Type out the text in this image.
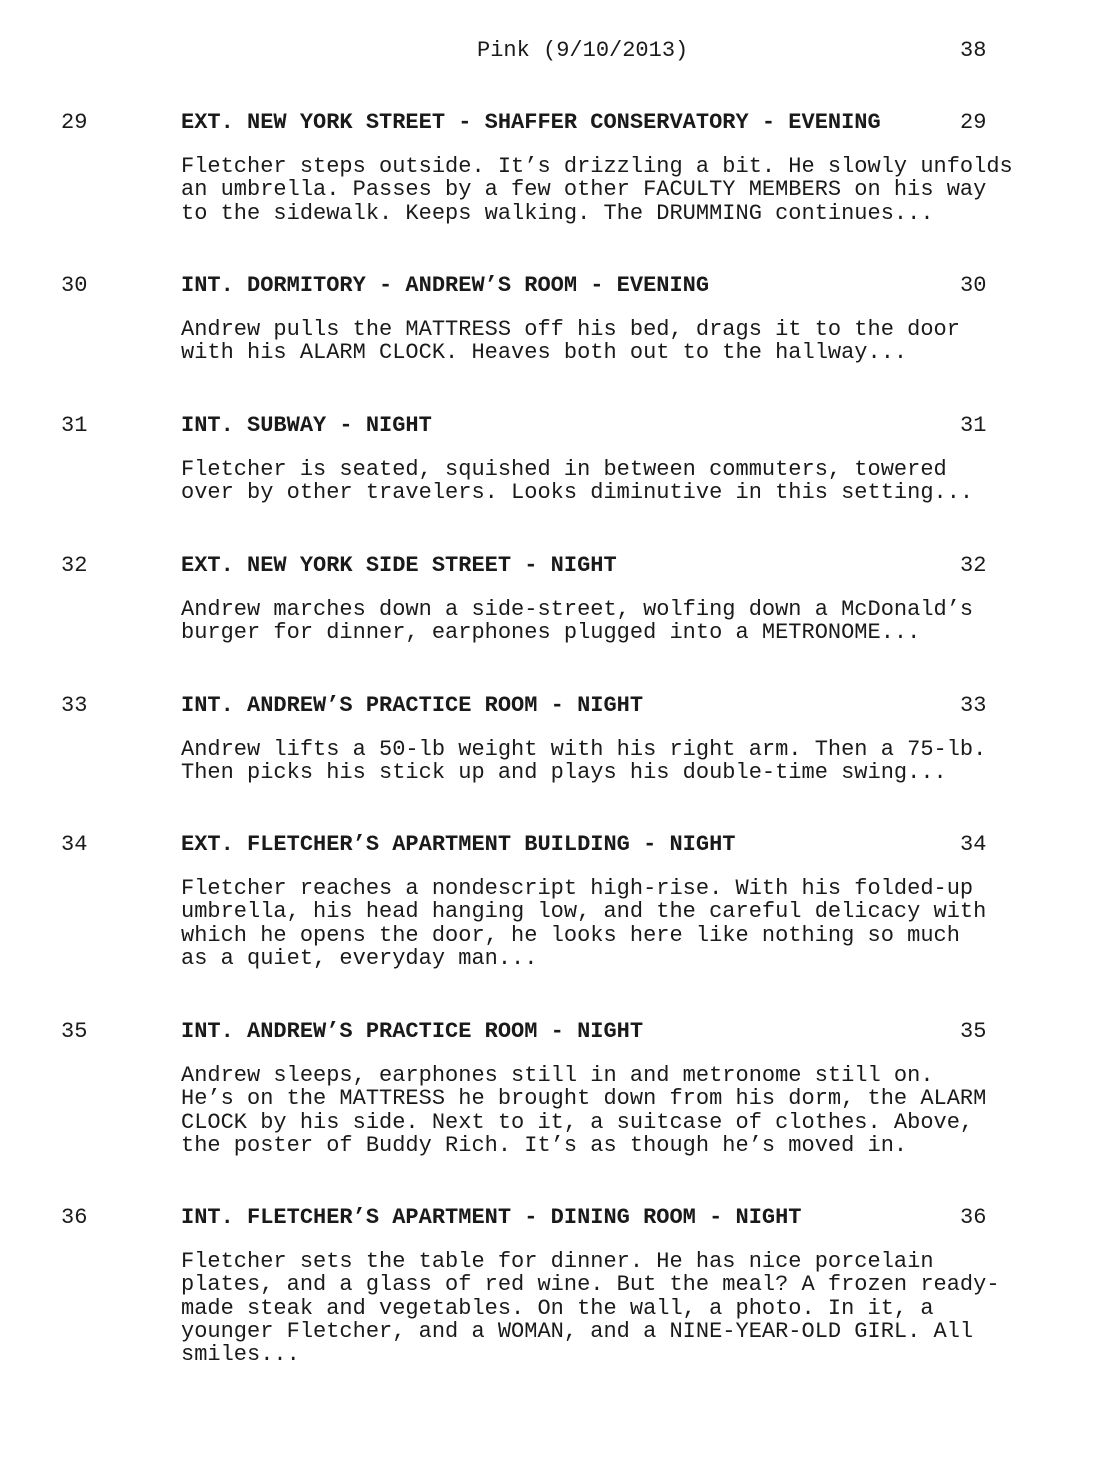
Pink (9/10/2013)	38
29	EXT. NEW YORK STREET - SHAFFER CONSERVATORY - EVENING	29

Fletcher steps outside. It’s drizzling a bit. He slowly unfolds
an umbrella. Passes by a few other FACULTY MEMBERS on his way
to the sidewalk. Keeps walking. The DRUMMING continues...

30	INT. DORMITORY - ANDREW’S ROOM - EVENING	30

Andrew pulls the MATTRESS off his bed, drags it to the door
with his ALARM CLOCK. Heaves both out to the hallway...

31	INT. SUBWAY - NIGHT	31

Fletcher is seated, squished in between commuters, towered
over by other travelers. Looks diminutive in this setting...

32	EXT. NEW YORK SIDE STREET - NIGHT	32

Andrew marches down a side-street, wolfing down a McDonald’s
burger for dinner, earphones plugged into a METRONOME...

33	INT. ANDREW’S PRACTICE ROOM - NIGHT	33

Andrew lifts a 50-lb weight with his right arm. Then a 75-lb.
Then picks his stick up and plays his double-time swing...

34	EXT. FLETCHER’S APARTMENT BUILDING - NIGHT	34

Fletcher reaches a nondescript high-rise. With his folded-up
umbrella, his head hanging low, and the careful delicacy with
which he opens the door, he looks here like nothing so much
as a quiet, everyday man...

35	INT. ANDREW’S PRACTICE ROOM - NIGHT	35

Andrew sleeps, earphones still in and metronome still on.
He’s on the MATTRESS he brought down from his dorm, the ALARM
CLOCK by his side. Next to it, a suitcase of clothes. Above,
the poster of Buddy Rich. It’s as though he’s moved in.

36	INT. FLETCHER’S APARTMENT - DINING ROOM - NIGHT	36

Fletcher sets the table for dinner. He has nice porcelain
plates, and a glass of red wine. But the meal? A frozen ready-
made steak and vegetables. On the wall, a photo. In it, a
younger Fletcher, and a WOMAN, and a NINE-YEAR-OLD GIRL. All
smiles...
